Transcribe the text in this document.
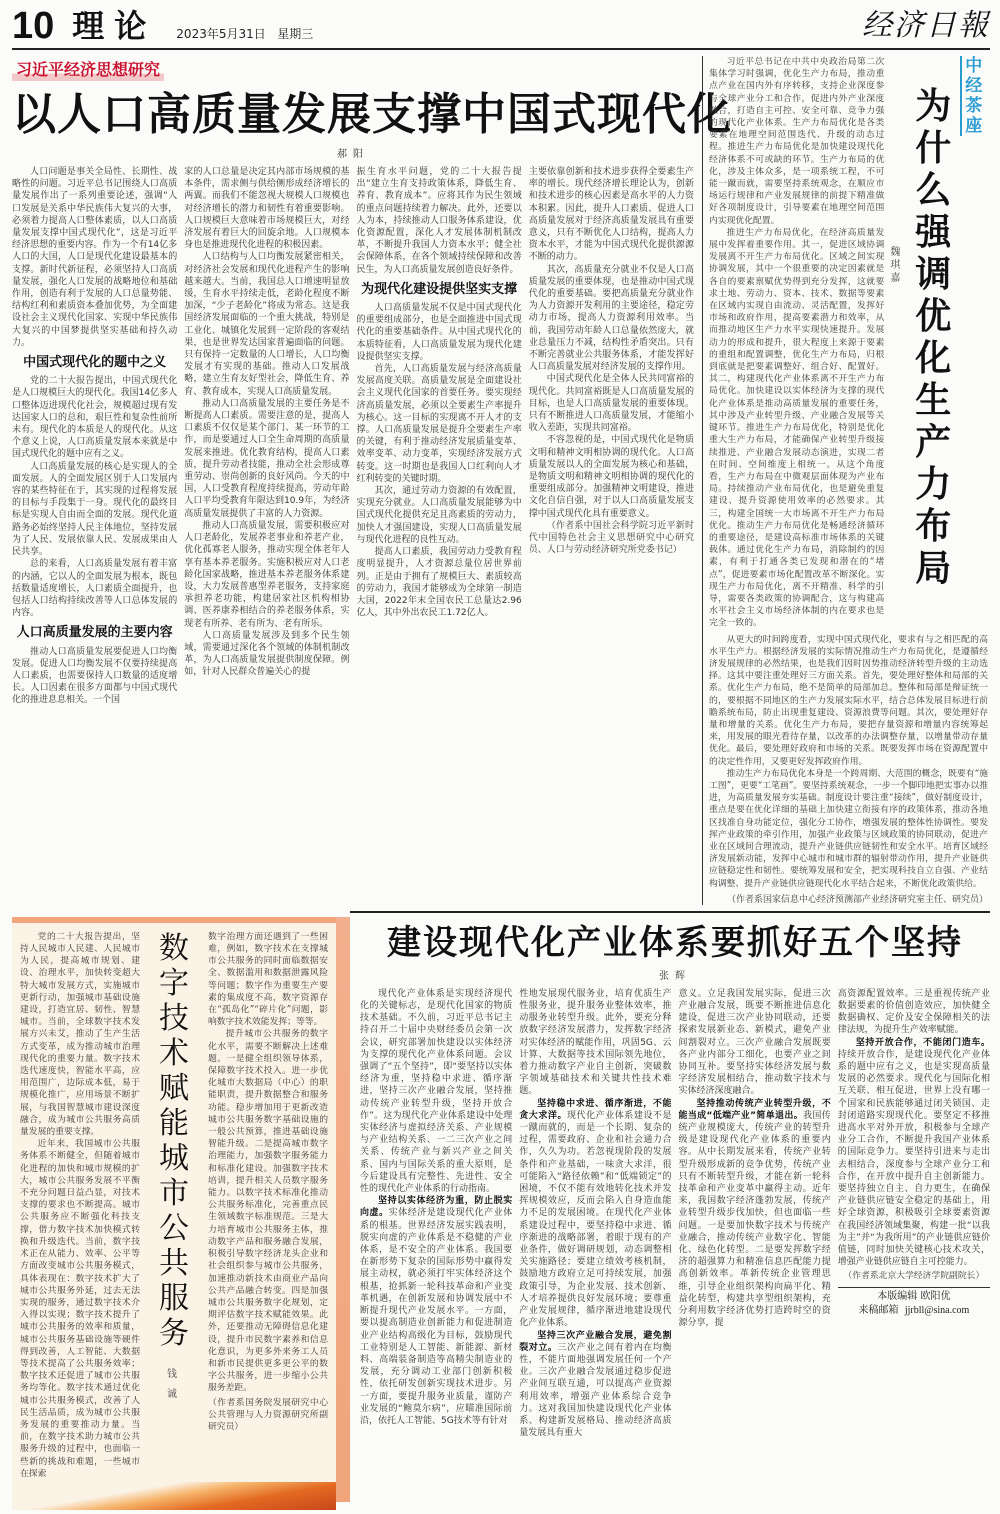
10 理论 2023年5月31日 星期三	经济日報
习近平经济思想研究
以人口高质量发展支撑中国式现代化
郝阳

人口问题是事关全局性、长期性、战略性的问题。习近平总书记围绕人口高质量发展作出了一系列重要论述，强调“人口发展是关系中华民族伟大复兴的大事，必须着力提高人口整体素质，以人口高质量发展支撑中国式现代化”，这是习近平经济思想的重要内容。作为一个有14亿多人口的大国，人口是现代化建设最基本的支撑。新时代新征程，必须坚持人口高质量发展，强化人口发展的战略地位和基础作用，创造有利于发展的人口总量势能、结构红利和素质资本叠加优势，为全面建设社会主义现代化国家、实现中华民族伟大复兴的中国梦提供坚实基础和持久动力。

中国式现代化的题中之义

党的二十大报告提出，中国式现代化是人口规模巨大的现代化。我国14亿多人口整体迈进现代化社会，规模超过现有发达国家人口的总和，艰巨性和复杂性前所未有。现代化的本质是人的现代化。从这个意义上说，人口高质量发展本来就是中国式现代化的题中应有之义。

人口高质量发展的核心是实现人的全面发展。人的全面发展区别于人口发展内容的某些特征在于，其实现的过程将发展的目标与手段集于一身。现代化的最终目标是实现人自由而全面的发展。现代化道路务必始终坚持人民主体地位，坚持发展为了人民、发展依靠人民、发展成果由人民共享。

总的来看，人口高质量发展有着丰富的内涵，它以人的全面发展为根本，既包括数量适度增长，人口素质全面提升，也包括人口结构持续改善等人口总体发展的内容。

人口高质量发展的主要内容

推动人口高质量发展要促进人口均衡发展。促进人口均衡发展不仅要持续提高人口素质，也需要保持人口数量的适度增长。人口因素在很多方面都与中国式现代化的推进息息相关。一个国

家的人口总量是决定其内部市场规模的基本条件，需求侧与供给侧形成经济增长的两翼。而我们不能忽视大规模人口规模也对经济增长的潜力和韧性有着重要影响。人口规模巨大意味着市场规模巨大，对经济发展有着巨大的回旋余地。人口规模本身也是推进现代化进程的积极因素。

人口结构与人口均衡发展紧密相关，对经济社会发展和现代化进程产生的影响越来越大。当前，我国总人口增速明显放缓，生育水平持续走低，老龄化程度不断加深，“少子老龄化”将成为常态。这是我国经济发展面临的一个重大挑战，特别是工业化、城镇化发展到一定阶段的客观结果，也是世界发达国家普遍面临的问题。只有保持一定数量的人口增长，人口均衡发展才有实现的基础。推动人口发展战略，建立生育友好型社会，降低生育、养育、教育成本，实现人口高质量发展。

推动人口高质量发展的主要任务是不断提高人口素质。需要注意的是，提高人口素质不仅仅是某个部门、某一环节的工作，而是要通过人口全生命周期的高质量发展来推进。优化教育结构，提高人口素质，提升劳动者技能，推动全社会形成尊重劳动、崇尚创新的良好风尚。今天的中国，人口受教育程度持续提高，劳动年龄人口平均受教育年限达到10.9年，为经济高质量发展提供了丰富的人力资源。

推动人口高质量发展，需要积极应对人口老龄化，发展养老事业和养老产业，优化孤寡老人服务，推动实现全体老年人享有基本养老服务。实施积极应对人口老龄化国家战略，推进基本养老服务体系建设，大力发展普惠型养老服务，支持家庭承担养老功能，构建居家社区机构相协调、医养康养相结合的养老服务体系，实现老有所养、老有所为、老有所乐。

人口高质量发展涉及到多个民生领域，需要通过深化各个领域的体制机制改革，为人口高质量发展提供制度保障。例如，针对人民群众普遍关心的提

振生育水平问题，党的二十大报告提出“建立生育支持政策体系，降低生育、养育、教育成本”。应将其作为民生领域的重点问题持续着力解决。此外，还要以人为本，持续推动人口服务体系建设，优化资源配置，深化人才发展体制机制改革，不断提升我国人力资本水平；健全社会保障体系，在各个领域持续保障和改善民生，为人口高质量发展创造良好条件。

为现代化建设提供坚实支撑

人口高质量发展不仅是中国式现代化的重要组成部分，也是全面推进中国式现代化的重要基础条件。从中国式现代化的本质特征看，人口高质量发展为现代化建设提供坚实支撑。

首先，人口高质量发展与经济高质量发展高度关联。高质量发展是全面建设社会主义现代化国家的首要任务。要实现经济高质量发展，必须以全要素生产率提升为核心。这一目标的实现离不开人才的支撑。人口高质量发展是提升全要素生产率的关键，有利于推动经济发展质量变革、效率变革、动力变革，实现经济发展方式转变。这一时期也是我国人口红利向人才红利转变的关键时期。

其次，通过劳动力资源的有效配置，实现充分就业。人口高质量发展能够为中国式现代化提供充足且高素质的劳动力，加快人才强国建设，实现人口高质量发展与现代化进程的良性互动。

提高人口素质，我国劳动力受教育程度明显提升，人才资源总量位居世界前列。正是由于拥有了规模巨大、素质较高的劳动力，我国才能够成为全球第一制造大国，2022年末全国农民工总量达2.96亿人，其中外出农民工1.72亿人。

主要依靠创新和技术进步获得全要素生产率的增长。现代经济增长理论认为，创新和技术进步的核心因素是高水平的人力资本积累。因此，提升人口素质、促进人口高质量发展对于经济高质量发展具有重要意义，只有不断优化人口结构，提高人力资本水平，才能为中国式现代化提供源源不断的动力。

其次，高质量充分就业不仅是人口高质量发展的重要体现，也是推动中国式现代化的重要基础。要把高质量充分就业作为人力资源开发利用的主要途径，稳定劳动力市场，提高人力资源利用效率。当前，我国劳动年龄人口总量依然庞大，就业总量压力不减，结构性矛盾突出。只有不断完善就业公共服务体系，才能发挥好人口高质量发展对经济发展的支撑作用。

中国式现代化是全体人民共同富裕的现代化。共同富裕既是人口高质量发展的目标，也是人口高质量发展的重要体现。只有不断推进人口高质量发展，才能缩小收入差距，实现共同富裕。

不容忽视的是，中国式现代化是物质文明和精神文明相协调的现代化。人口高质量发展以人的全面发展为核心和基础，是物质文明和精神文明相协调的现代化的重要组成部分。加强精神文明建设，推进文化自信自强，对于以人口高质量发展支撑中国式现代化具有重要意义。

（作者系中国社会科学院习近平新时代中国特色社会主义思想研究中心研究员、人口与劳动经济研究所党委书记）

习近平总书记在中共中央政治局第二次集体学习时强调，优化生产力布局，推动重点产业在国内外有序转移，支持企业深度参与全球产业分工和合作，促进内外产业深度融合，打造自主可控、安全可靠、竞争力强的现代化产业体系。生产力布局优化是各类要素在地理空间范围迭代、升级的动态过程。推进生产力布局优化是加快建设现代化经济体系不可或缺的环节。生产力布局的优化，涉及主体众多，是一项系统工程，不可能一蹴而就，需要坚持系统观念，在顺应市场运行规律和产业发展规律的前提下精准做好各项制度设计，引导要素在地理空间范围内实现优化配置。

推进生产力布局优化，在经济高质量发展中发挥着重要作用。其一，促进区域协调发展离不开生产力布局优化。区域之间实现协调发展，其中一个很重要的决定因素就是各自的要素禀赋优势得到充分发挥，这就要求土地、劳动力、资本、技术、数据等要素在区域内实现自由流动、灵活配置，发挥好市场和政府作用，提高要素潜力和效率，从而推动地区生产力水平实现快速提升。发展动力的形成和提升，很大程度上来源于要素的重组和配置调整，优化生产力布局，归根到底就是把要素调整好、组合好、配置好。其二，构建现代化产业体系离不开生产力布局优化。加快建设以实体经济为支撑的现代化产业体系是推动高质量发展的重要任务，其中涉及产业转型升级、产业融合发展等关键环节。推进生产力布局优化，特别是优化重大生产力布局，才能确保产业转型升级接续推进、产业融合发展动态演进，实现二者在时间、空间维度上相统一。从这个角度看，生产力布局在中微观层面体现为产业布局。持续推动产业布局优化，也是避免重复建设、提升资源使用效率的必然要求。其三，构建全国统一大市场离不开生产力布局优化。推动生产力布局优化是畅通经济循环的重要途径，是建设高标准市场体系的关键载体。通过优化生产力布局，消除制约的因素，有利于打通各类已发现和潜在的“堵点”，促进要素市场化配置改革不断深化。实现生产力布局优化，离不开精准、科学的引导，需要各类政策的协调配合，这与构建高水平社会主义市场经济体制的内在要求也是完全一致的。

魏琪嘉
为什么强调优化生产力布局
中经茶座

从更大的时间跨度看，实现中国式现代化，要求有与之相匹配的高水平生产力。根据经济发展的实际情况推动生产力布局优化，是遵循经济发展规律的必然结果，也是我们因时因势推动经济转型升级的主动选择。这其中要注重处理好三方面关系。首先，要处理好整体和局部的关系。优化生产力布局，绝不是简单的局部加总。整体和局部是辩证统一的，要根据不同地区的生产力发展实际水平，结合总体发展目标进行前瞻系统布局，防止出现重复建设、资源浪费等问题。其次，要处理好存量和增量的关系。优化生产力布局，要把存量资源和增量内容统筹起来，用发展的眼光看待存量，以改革的办法调整存量，以增量带动存量优化。最后，要处理好政府和市场的关系。既要发挥市场在资源配置中的决定性作用，又要更好发挥政府作用。

推动生产力布局优化本身是一个跨周期、大范围的概念，既要有“施工图”，更要“工笔画”。要坚持系统观念，一步一个脚印地把实事办以推进，为高质量发展夯实基础。制度设计要注重“接续”，做好制度设计，重点是要在优化详细的基础上加快建立衔接有序的政策体系，推动各地区找准自身功能定位，强化分工协作，增强发展的整体性协调性。要发挥产业政策的牵引作用，加强产业政策与区域政策的协同联动，促进产业在区域间合理流动，提升产业链供应链韧性和安全水平。培育区域经济发展新动能，发挥中心城市和城市群的辐射带动作用，提升产业链供应链稳定性和韧性。要统筹发展和安全，把实现科技自立自强、产业结构调整、提升产业链供应链现代化水平结合起来，不断优化政策供给。

（作者系国家信息中心经济预测部产业经济研究室主任、研究员）

党的二十大报告提出，坚持人民城市人民建、人民城市为人民，提高城市规划、建设、治理水平，加快转变超大特大城市发展方式，实施城市更新行动，加强城市基础设施建设，打造宜居、韧性、智慧城市。当前，全球数字技术发展方兴未艾，推动了生产生活方式变革，成为推动城市治理现代化的重要力量。数字技术迭代速度快，智能水平高，应用范围广，边际成本低，易于规模化推广，应用场景不断扩展，与我国智慧城市建设深度融合，成为城市公共服务高质量发展的重要支撑。

近年来，我国城市公共服务体系不断健全，但随着城市化进程的加快和城市规模的扩大，城市公共服务发展不平衡不充分问题日益凸显，对技术支撑的要求也不断提高。城市公共服务应不断强化科技支撑，借力数字技术加快模式转换和升级迭代。当前，数字技术正在从能力、效率、公平等方面改变城市公共服务模式，具体表现在：数字技术扩大了城市公共服务外延，过去无法实现的服务，通过数字技术介入得以实现；数字技术提升了城市公共服务的效率和质量，城市公共服务基础设施等硬件得到改善，人工智能、大数据等技术提高了公共服务效率；数字技术还促进了城市公共服务均等化。数字技术通过优化城市公共服务模式，改善了人民生活品质，成为城市公共服务发展的重要推动力量。当前，在数字技术助力城市公共服务升级的过程中，也面临一些新的挑战和难题，一些城市在探索

数字技术赋能城市公共服务
钱诚

数字治理方面还遇到了一些困难，例如，数字技术在支撑城市公共服务的同时面临数据安全、数据滥用和数据泄露风险等问题；数字作为重要生产要素的集成度不高，数字资源存在“孤岛化”“碎片化”问题，影响数字技术效能发挥；等等。

提升城市公共服务的数字化水平，需要不断解决上述难题。一是健全组织领导体系，保障数字技术投入。进一步优化城市大数据局（中心）的职能职责，提升数据整合和服务功能。稳步增加用于更新改造城市公共服务数字基础设施的一般公共预算，推进基础设施智能升级。二是提高城市数字治理能力，加强数字服务能力和标准化建设。加强数字技术培训，提升相关人员数字服务能力。以数字技术标准化推动公共服务标准化，完善重点民生领域数字标准规范。三是大力培育城市公共服务主体，推动数字产品和服务融合发展，积极引导数字经济龙头企业和社会组织参与城市公共服务，加速推动新技术由商业产品向公共产品融合转变。四是加强城市公共服务数字化规划，定期评估数字技术赋能效果。此外，还要推动无障碍信息化建设，提升市民数字素养和信息化意识，为更多外来务工人员和新市民提供更多更公平的数字公共服务，进一步缩小公共服务差距。

（作者系国务院发展研究中心公共管理与人力资源研究所副研究员）
建设现代化产业体系要抓好五个坚持
张辉

现代化产业体系是实现经济现代化的关键标志，是现代化国家的物质技术基础。不久前，习近平总书记主持召开二十届中央财经委员会第一次会议，研究部署加快建设以实体经济为支撑的现代化产业体系问题。会议强调了“五个坚持”，即“要坚持以实体经济为重，坚持稳中求进、循序渐进，坚持三次产业融合发展，坚持推动传统产业转型升级，坚持开放合作”。这为现代化产业体系建设中处理实体经济与虚拟经济关系、产业规模与产业结构关系、一二三次产业之间关系、传统产业与新兴产业之间关系、国内与国际关系的重大原则，是今后建设具有完整性、先进性、安全性的现代化产业体系的行动指南。

坚持以实体经济为重，防止脱实向虚。实体经济是建设现代化产业体系的根基。世界经济发展实践表明，脱实向虚的产业体系是不稳健的产业体系，是不安全的产业体系。我国要在新形势下复杂的国际形势中赢得发展主动权，就必须打牢实体经济这个根基，抢抓新一轮科技革命和产业变革机遇，在创新发展和协调发展中不断提升现代产业发展水平。一方面，要以提高制造业创新能力和促进制造业产业结构高级化为目标，鼓励现代工业特别是人工智能、新能源、新材料、高端装备制造等高精尖制造业的发展，充分调动工业部门创新积极性，依托研发创新实现技术进步。另一方面，要提升服务业质量，谨防产业发展的“鲍莫尔病”，应瞄准国际前沿，依托人工智能、5G技术等有针对

性地发展现代服务业，培育优质生产性服务业，提升服务业整体效率，推动服务业转型升级。此外，要充分释放数字经济发展潜力，发挥数字经济对实体经济的赋能作用，巩固5G、云计算、大数据等技术国际领先地位，着力推动数字产业自主创新，突破数字领域基础技术和关键共性技术难题。

坚持稳中求进、循序渐进，不能贪大求洋。现代化产业体系建设不是一蹴而就的，而是一个长期、复杂的过程，需要政府、企业和社会通力合作，久久为功。若忽视现阶段的发展条件和产业基础，一味贪大求洋，很可能陷入“路径依赖”和“低端锁定”的困境，不仅不能有效地转化技术并发挥规模效应，反而会陷入自身造血能力不足的发展困境。在现代化产业体系建设过程中，要坚持稳中求进、循序渐进的战略部署，着眼于现有的产业条件，做好调研规划，动态调整相关实施路径；要建立绩效考核机制，鼓励地方政府立足可持续发展，加强政策引导，为企业发展、技术创新、人才培养提供良好发展环境；要尊重产业发展规律，循序渐进地建设现代化产业体系。

坚持三次产业融合发展，避免割裂对立。三次产业之间有着内在均衡性，不能片面地强调发展任何一个产业。三次产业融合发展通过稳步促进产业间互联互通，可以提高产业资源利用效率，增强产业体系综合竞争力。这对我国加快建设现代化产业体系、构建新发展格局、推动经济高质量发展具有重大

意义。立足我国发展实际，促进三次产业融合发展，既要不断推进信息化建设，促进三次产业协同联动，还要探索发展新业态、新模式，避免产业间割裂对立。三次产业融合发展既要各产业内部分工细化，也要产业之间协同互补。要坚持实体经济发展与数字经济发展相结合，推动数字技术与实体经济深度融合。

坚持推动传统产业转型升级，不能当成“低端产业”简单退出。我国传统产业规模庞大，传统产业的转型升级是建设现代化产业体系的重要内容。从中长期发展来看，传统产业转型升级形成新的竞争优势，传统产业只有不断转型升级，才能在新一轮科技革命和产业变革中赢得主动。近年来，我国数字经济蓬勃发展，传统产业转型升级步伐加快，但也面临一些问题。一是要加快数字技术与传统产业融合，推动传统产业数字化、智能化、绿色化转型。二是要发挥数字经济的超强算力和精准信息匹配能力提高创新效率。革新传统企业管理思维，引导企业组织架构向扁平化、精益化转型，构建共享型组织架构，充分利用数字经济优势打造跨时空的资源分享，提

高资源配置效率。三是重视传统产业数据要素的价值创造效应，加快健全数据确权、定价及安全保障相关的法律法规，为提升生产效率赋能。

坚持开放合作，不能闭门造车。持续开放合作，是建设现代化产业体系的题中应有之义，也是实现高质量发展的必然要求。现代化与国际化相互关联、相互促进，世界上没有哪一个国家和民族能够通过闭关锁国、走封闭道路实现现代化。要坚定不移推进高水平对外开放，积极参与全球产业分工合作，不断提升我国产业体系的国际竞争力。要坚持引进来与走出去相结合，深度参与全球产业分工和合作，在开放中提升自主创新能力。要坚持独立自主、自力更生，在确保产业链供应链安全稳定的基础上，用好全球资源，积极吸引全球要素资源在我国经济领域集聚，构建一批“以我为主”并“为我所用”的产业链供应链价值链，同时加快关键核心技术攻关，增强产业链供应链自主可控能力。

（作者系北京大学经济学院副院长）
本版编辑 欧阳优
来稿邮箱 jjrbll@sina.com
